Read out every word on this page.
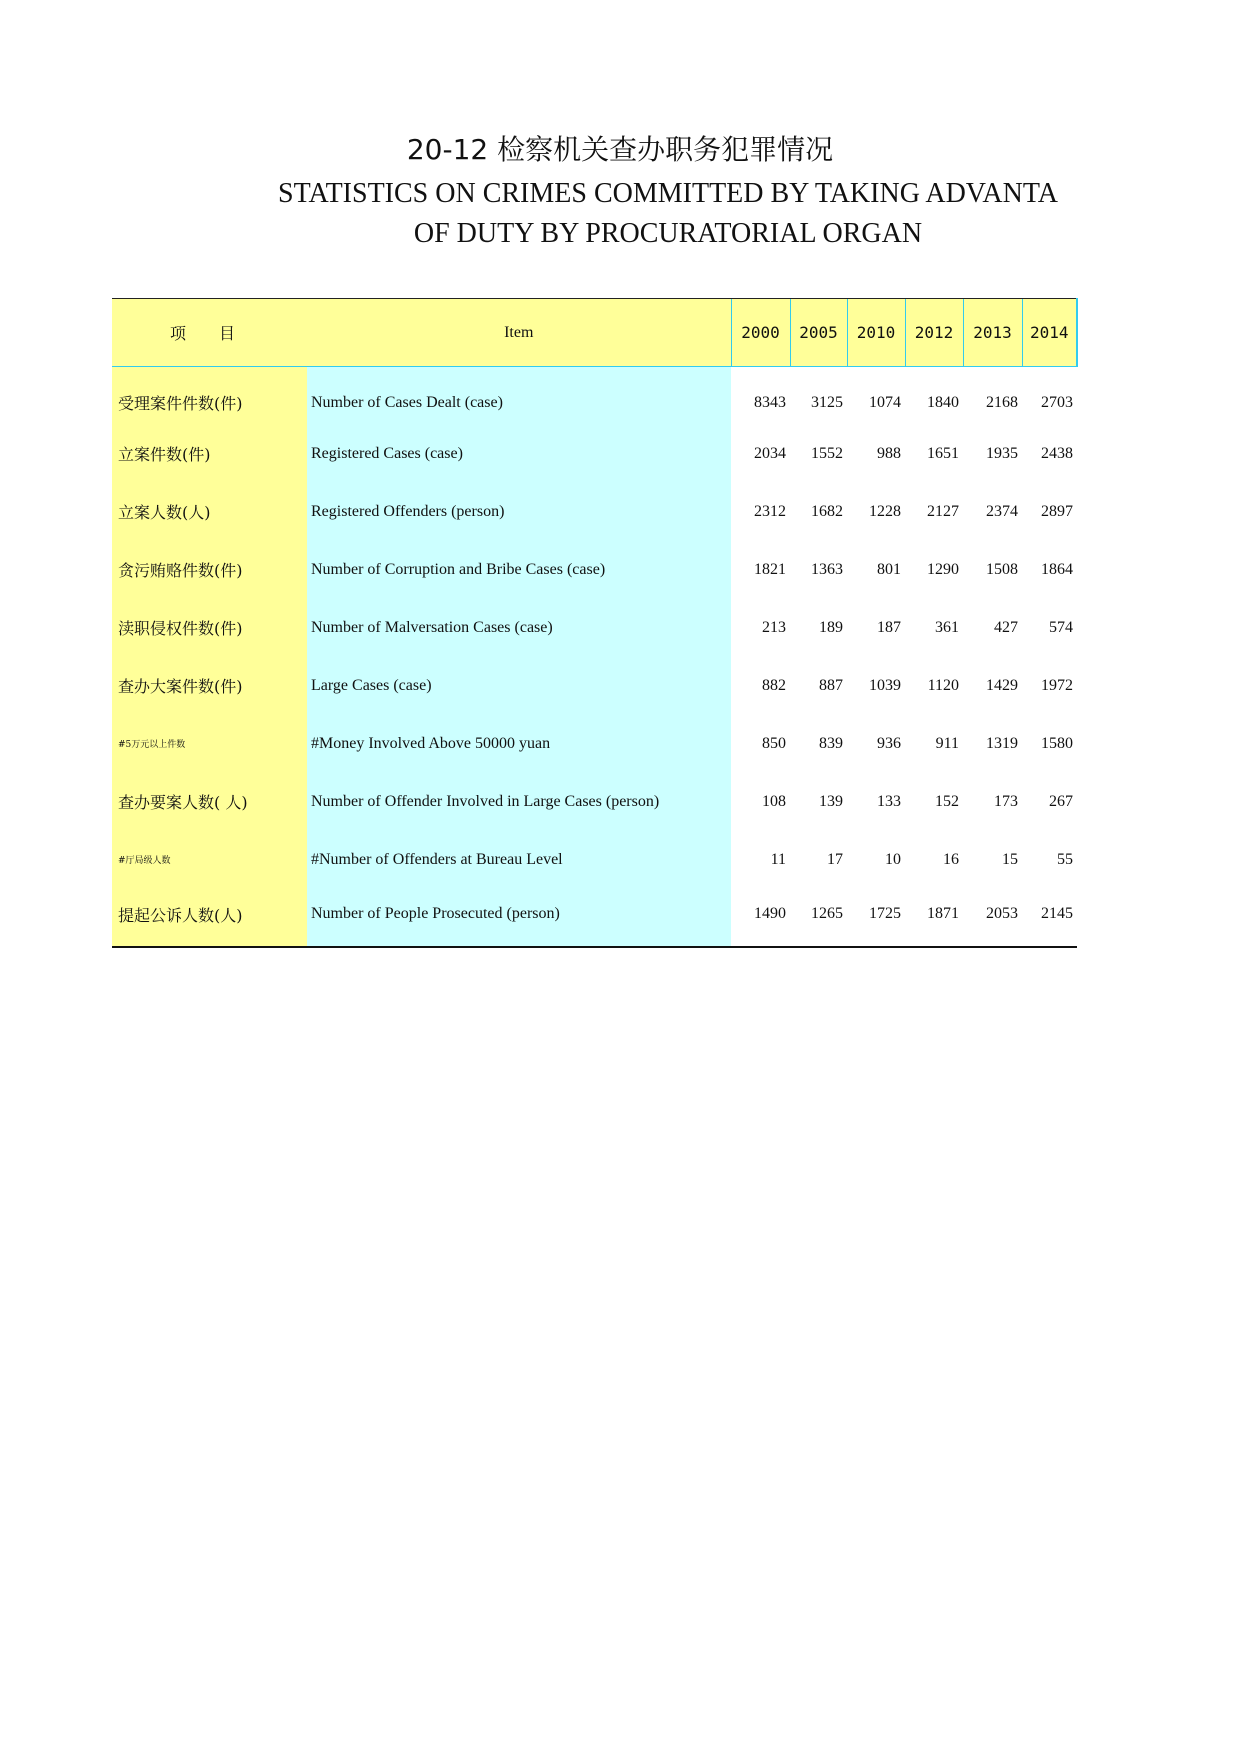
20-12 检察机关查办职务犯罪情况
STATISTICS ON CRIMES COMMITTED BY TAKING ADVANTA
OF DUTY BY PROCURATORIAL ORGAN
项 目	Item	2000	2005	2010	2012	2013	2014
受理案件件数(件)	Number of Cases Dealt (case)	8343	3125	1074	1840	2168	2703
立案件数(件)	Registered Cases (case)	2034	1552	988	1651	1935	2438
立案人数(人)	Registered Offenders (person)	2312	1682	1228	2127	2374	2897
贪污贿赂件数(件)	Number of Corruption and Bribe Cases (case)	1821	1363	801	1290	1508	1864
渎职侵权件数(件)	Number of Malversation Cases (case)	213	189	187	361	427	574
查办大案件数(件)	Large Cases (case)	882	887	1039	1120	1429	1972
#5万元以上件数	#Money Involved Above 50000 yuan	850	839	936	911	1319	1580
查办要案人数( 人)	Number of Offender Involved in Large Cases (person)	108	139	133	152	173	267
#厅局级人数	#Number of Offenders at Bureau Level	11	17	10	16	15	55
提起公诉人数(人)	Number of People Prosecuted (person)	1490	1265	1725	1871	2053	2145
